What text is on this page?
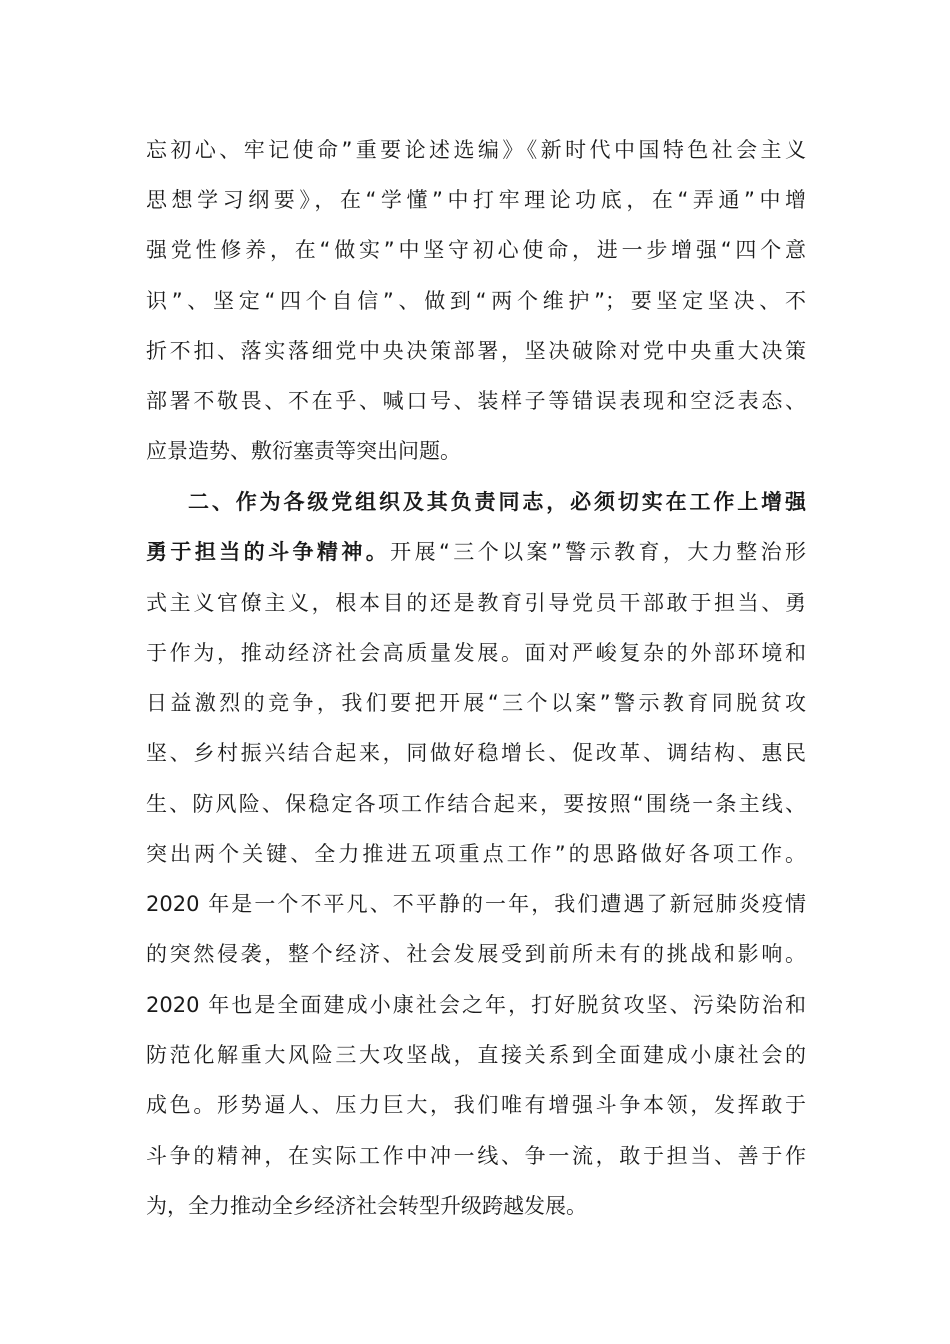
忘初心、牢记使命”重要论述选编》《新时代中国特色社会主义
思想学习纲要》，在“学懂”中打牢理论功底，在“弄通”中增
强党性修养，在“做实”中坚守初心使命，进一步增强“四个意
识”、坚定“四个自信”、做到“两个维护”；要坚定坚决、不
折不扣、落实落细党中央决策部署，坚决破除对党中央重大决策
部署不敬畏、不在乎、喊口号、装样子等错误表现和空泛表态、
应景造势、敷衍塞责等突出问题。
二、作为各级党组织及其负责同志，必须切实在工作上增强
勇于担当的斗争精神。开展“三个以案”警示教育，大力整治形
式主义官僚主义，根本目的还是教育引导党员干部敢于担当、勇
于作为，推动经济社会高质量发展。面对严峻复杂的外部环境和
日益激烈的竞争，我们要把开展“三个以案”警示教育同脱贫攻
坚、乡村振兴结合起来，同做好稳增长、促改革、调结构、惠民
生、防风险、保稳定各项工作结合起来，要按照“围绕一条主线、
突出两个关键、全力推进五项重点工作”的思路做好各项工作。
2020 年是一个不平凡、不平静的一年，我们遭遇了新冠肺炎疫情
的突然侵袭，整个经济、社会发展受到前所未有的挑战和影响。
2020 年也是全面建成小康社会之年，打好脱贫攻坚、污染防治和
防范化解重大风险三大攻坚战，直接关系到全面建成小康社会的
成色。形势逼人、压力巨大，我们唯有增强斗争本领，发挥敢于
斗争的精神，在实际工作中冲一线、争一流，敢于担当、善于作
为，全力推动全乡经济社会转型升级跨越发展。
